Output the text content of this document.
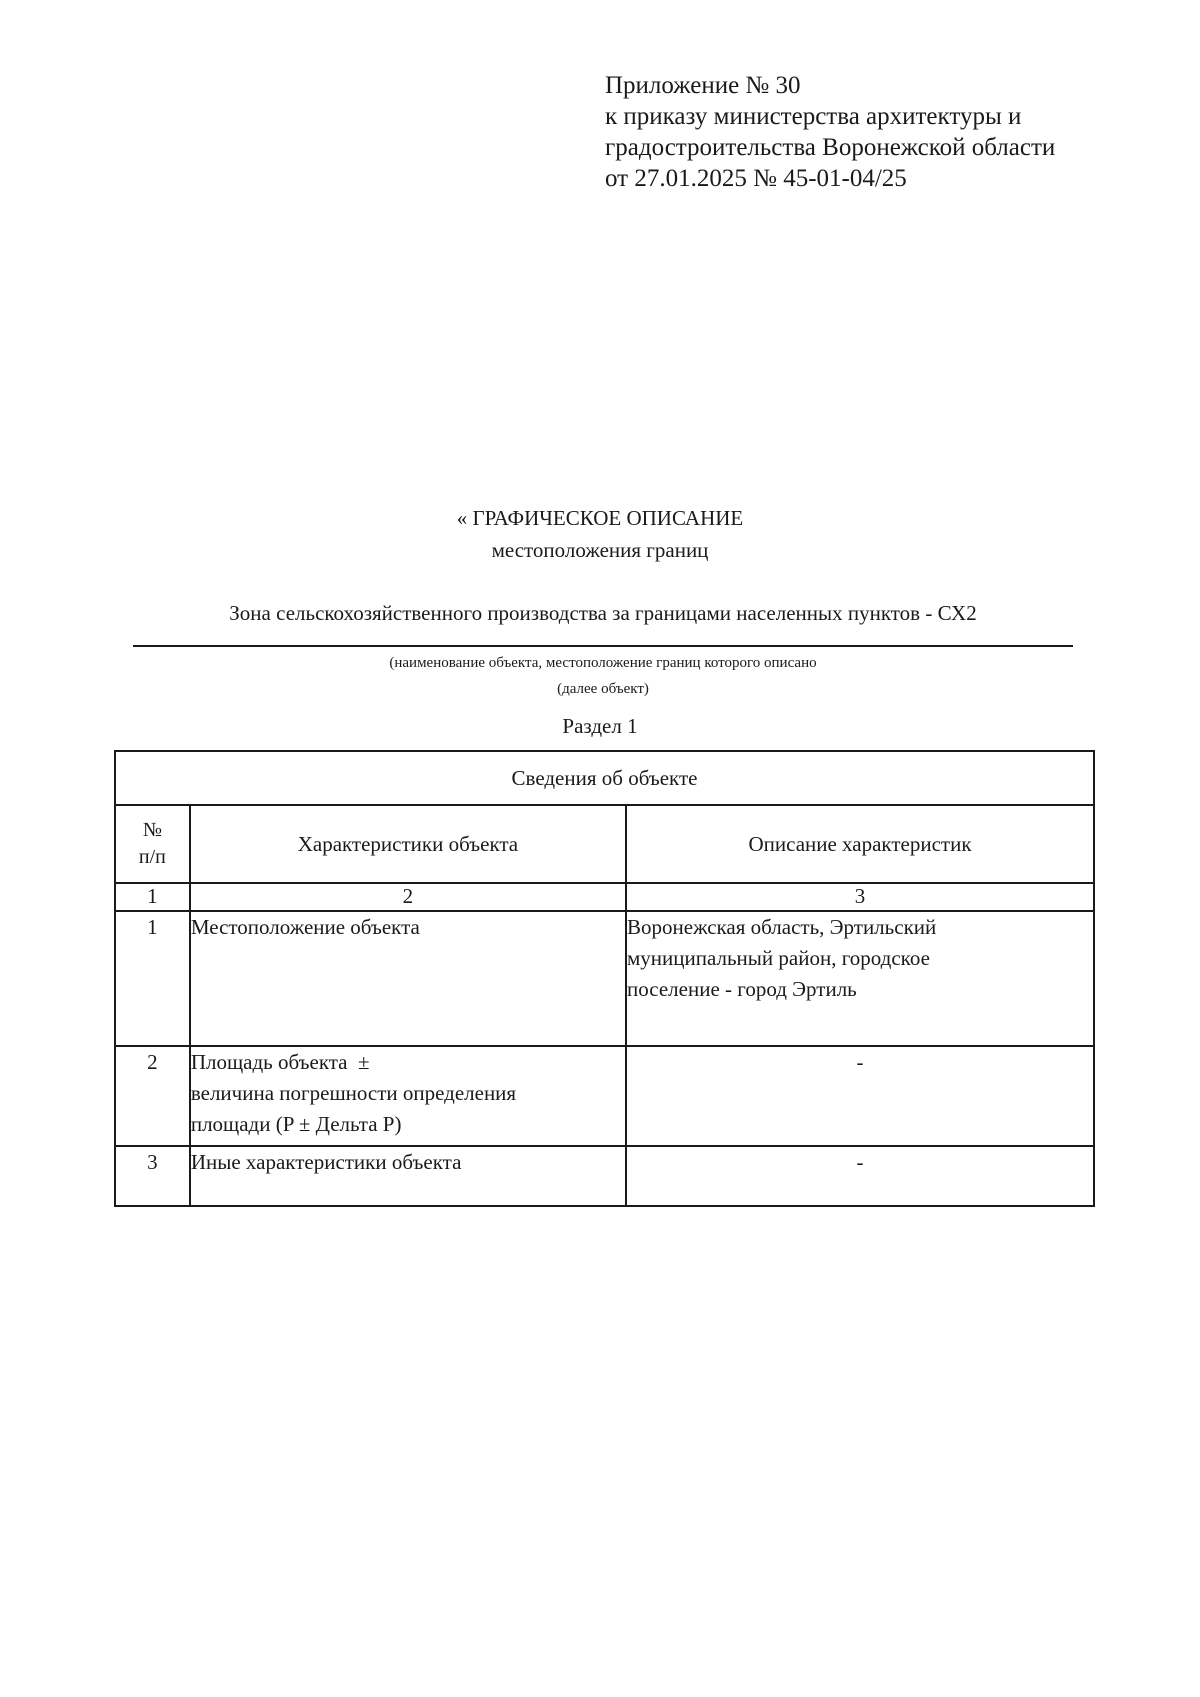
Приложение № 30
к приказу министерства архитектуры и
градостроительства Воронежской области
от 27.01.2025 № 45-01-04/25
« ГРАФИЧЕСКОЕ ОПИСАНИЕ
местоположения границ
Зона сельскохозяйственного производства за границами населенных пунктов - СХ2
(наименование объекта, местоположение границ которого описано
(далее объект)
Раздел 1
Сведения об объекте		

№
п/п	Характеристики объекта	Описание характеристик
1	2	3
1	Местоположение объекта	Воронежская область, Эртильский
муниципальный район, городское
поселение - город Эртиль

2	Площадь объекта  ±
величина погрешности определения
площади (P ± Дельта P)	-
3	Иные характеристики объекта	-
